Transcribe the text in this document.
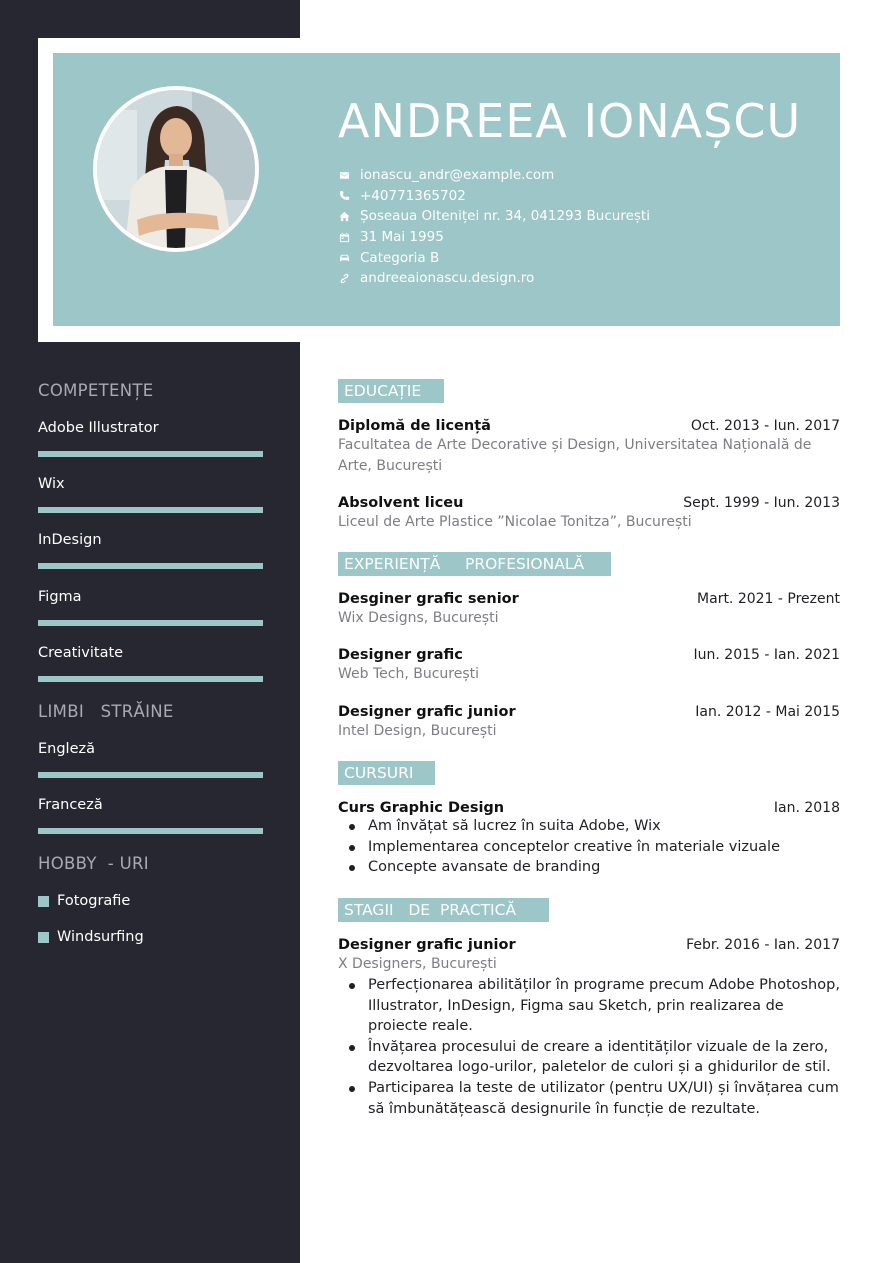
ANDREEA IONAȘCU
ionascu_andr@example.com
+40771365702
Șoseaua Olteniței nr. 34, 041293 București
31 Mai 1995
Categoria B
andreeaionascu.design.ro
COMPETENȚE
Adobe Illustrator
Wix
InDesign
Figma
Creativitate
LIMBI   STRĂINE
Engleză
Franceză
HOBBY  - URI
Fotografie
Windsurfing
EDUCAȚIE
Diplomă de licență	Oct. 2013 - Iun. 2017
Facultatea de Arte Decorative și Design, Universitatea Națională de Arte, București
Absolvent liceu	Sept. 1999 - Iun. 2013
Liceul de Arte Plastice ”Nicolae Tonitza”, București
EXPERIENȚĂ     PROFESIONALĂ
Desginer grafic senior	Mart. 2021 - Prezent
Wix Designs, București
Designer grafic	Iun. 2015 - Ian. 2021
Web Tech, București
Designer grafic junior	Ian. 2012 - Mai 2015
Intel Design, București
CURSURI
Curs Graphic Design	Ian. 2018
Am învățat să lucrez în suita Adobe, Wix
Implementarea conceptelor creative în materiale vizuale
Concepte avansate de branding
STAGII   DE  PRACTICĂ
Designer grafic junior	Febr. 2016 - Ian. 2017
X Designers, București
Perfecționarea abilităților în programe precum Adobe Photoshop, Illustrator, InDesign, Figma sau Sketch, prin realizarea de proiecte reale.
Învățarea procesului de creare a identităților vizuale de la zero, dezvoltarea logo-urilor, paletelor de culori și a ghidurilor de stil.
Participarea la teste de utilizator (pentru UX/UI) și învățarea cum să îmbunătățească designurile în funcție de rezultate.
